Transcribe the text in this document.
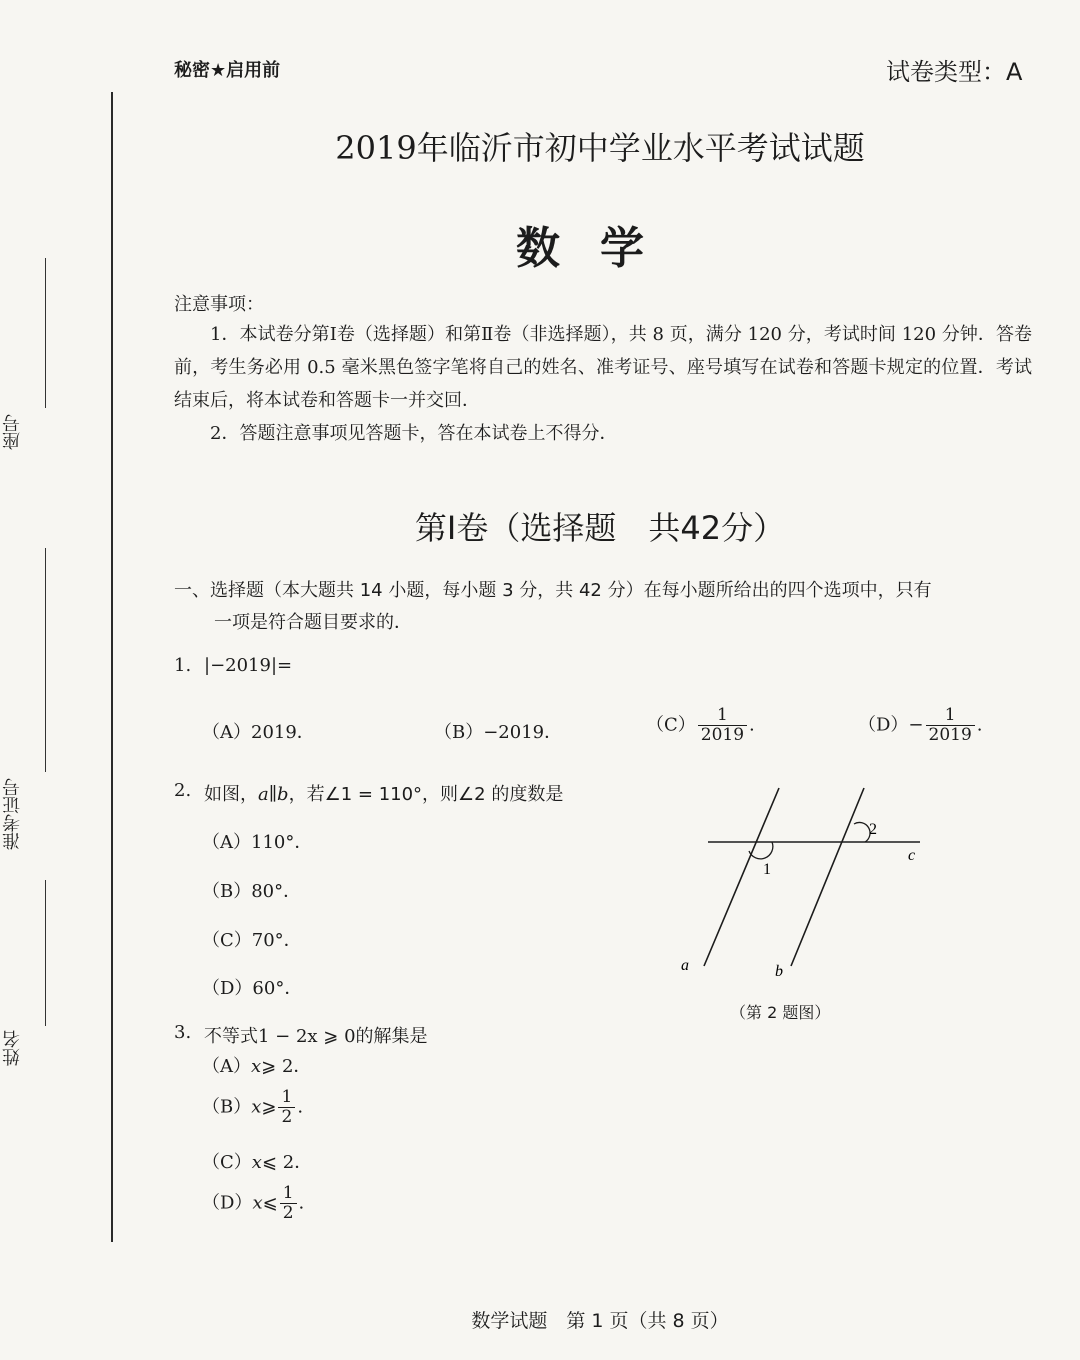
座号
准考证号
姓名
秘密★启用前	试卷类型：A
2019年临沂市初中学业水平考试试题
数学
注意事项：

1．本试卷分第Ⅰ卷（选择题）和第Ⅱ卷（非选择题），共 8 页，满分 120 分，考试时间 120 分钟．答卷前，考生务必用 0.5 毫米黑色签字笔将自己的姓名、准考证号、座号填写在试卷和答题卡规定的位置．考试结束后，将本试卷和答题卡一并交回．

2．答题注意事项见答题卡，答在本试卷上不得分．

第Ⅰ卷（选择题　共42分）
一、选择题（本大题共 14 小题，每小题 3 分，共 42 分）在每小题所给出的四个选项中，只有
一项是符合题目要求的．
1. |−2019|=
（A）2019．	（B）−2019．	$(C) \frac{1}{2019}$ .	$(D)- \frac{1}{2019}$ .
2. 如图，a∥b，若∠1 = 110°，则∠2 的度数是
（A）110°．
（B）80°．
（C）70°．
（D）60°．
1
2
c
a	b
（第 2 题图）
3. 不等式1 − 2x ⩾ 0的解集是
（A）x⩾ 2．
（B）x⩾ $\frac{1}{2}$ .
（C）x⩽ 2．
（D）x⩽ $\frac{1}{2}$ .
数学试题　第 1 页（共 8 页）
